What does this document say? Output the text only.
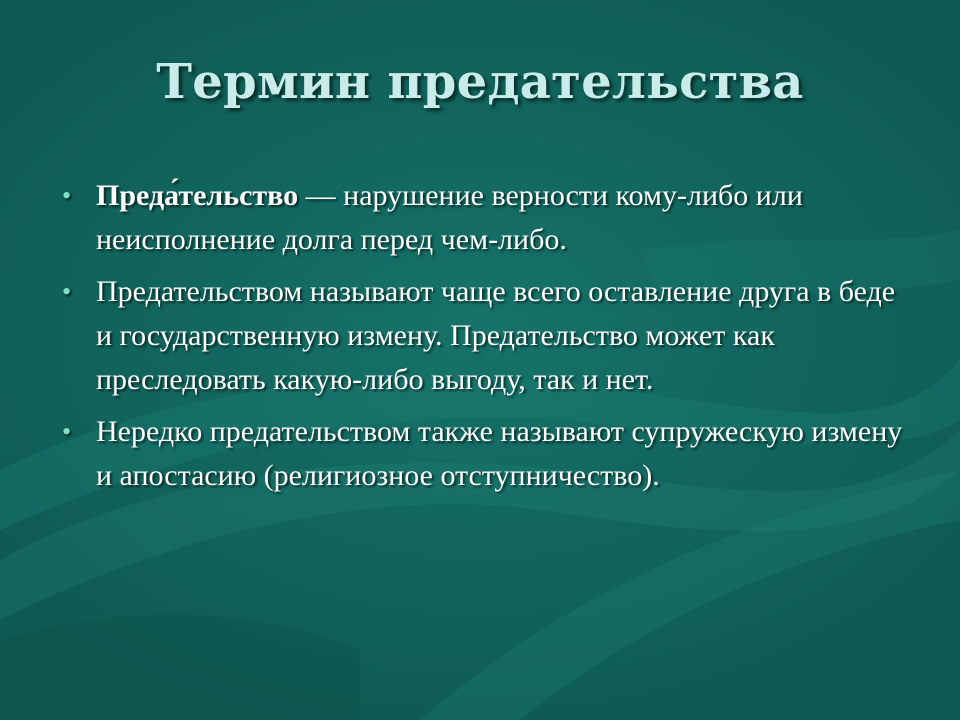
Термин предательства
• Преда́тельство — нарушение верности кому-либо или неисполнение долга перед чем-либо.
• Предательством называют чаще всего оставление друга в беде и государственную измену. Предательство может как преследовать какую-либо выгоду, так и нет.
• Нередко предательством также называют супружескую измену и апостасию (религиозное отступничество).
